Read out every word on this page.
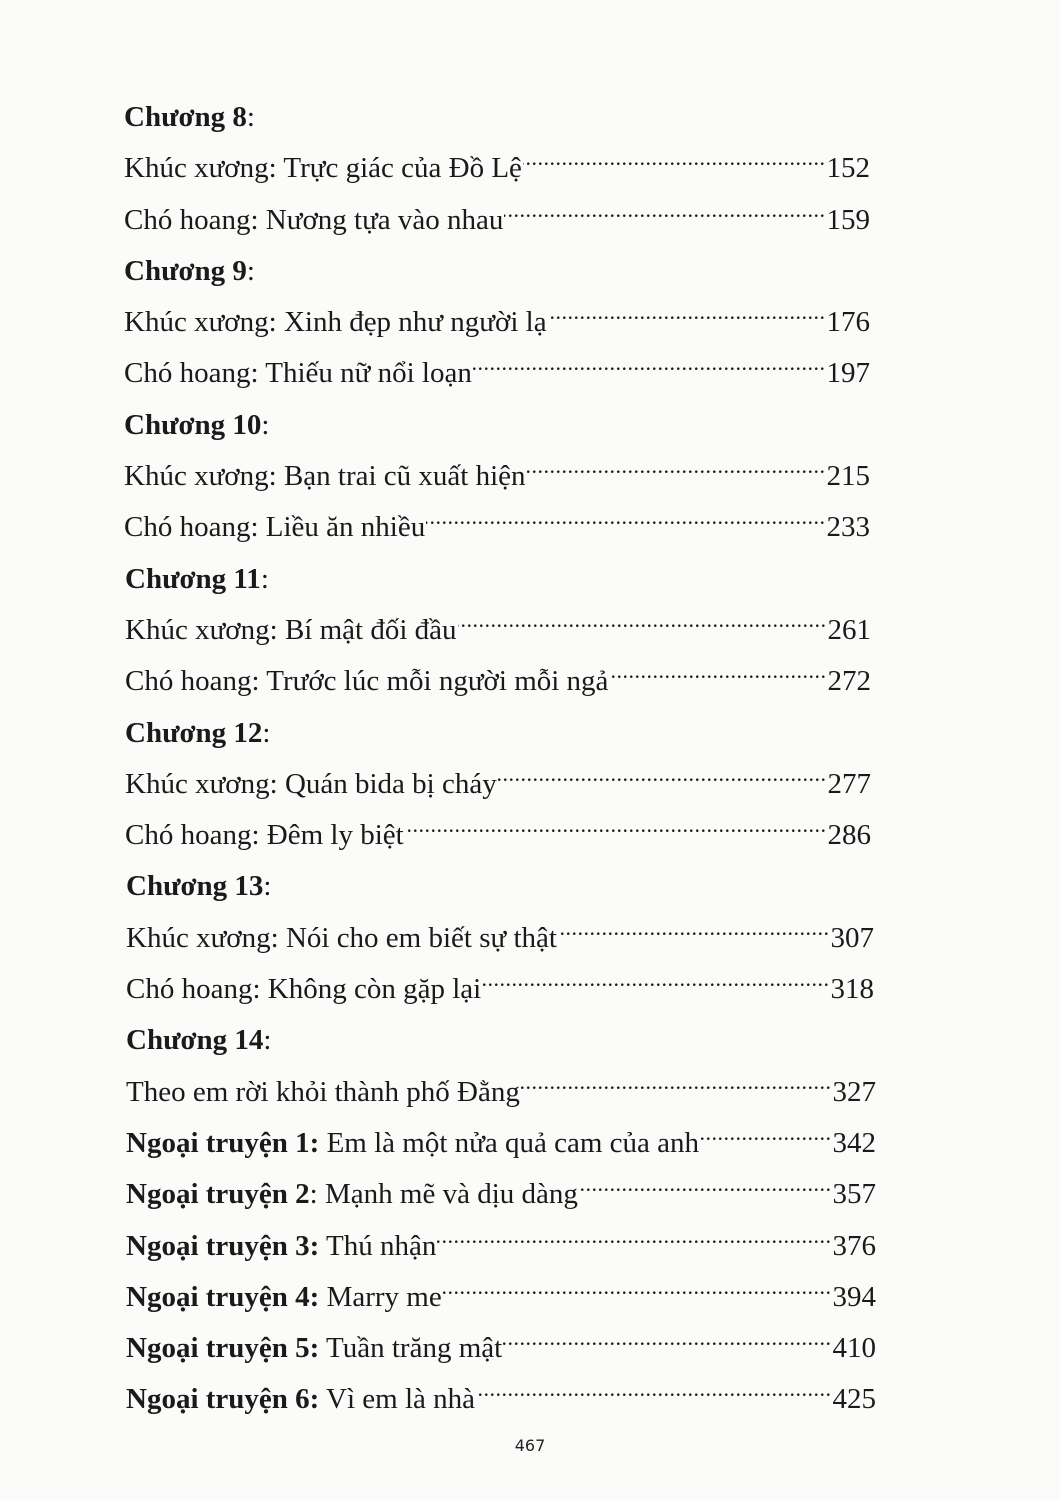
Chương 8 :
Khúc xương: Trực giác của Đồ Lệ .....	152
Chó hoang: Nương tựa vào nhau .....	159
Chương 9 :
Khúc xương: Xinh đẹp như người lạ .....	176
Chó hoang: Thiếu nữ nổi loạn .....	197
Chương 10 :
Khúc xương: Bạn trai cũ xuất hiện .....	215
Chó hoang: Liều ăn nhiều .....	233
Chương 11 :
Khúc xương: Bí mật đối đầu .....	261
Chó hoang: Trước lúc mỗi người mỗi ngả .....	272
Chương 12 :
Khúc xương: Quán bida bị cháy .....	277
Chó hoang: Đêm ly biệt .....	286
Chương 13 :
Khúc xương: Nói cho em biết sự thật .....	307
Chó hoang: Không còn gặp lại .....	318
Chương 14 :
Theo em rời khỏi thành phố Đằng .....	327
Ngoại truyện 1: Em là một nửa quả cam của anh .....	342
Ngoại truyện 2: Mạnh mẽ và dịu dàng .....	357
Ngoại truyện 3: Thú nhận .....	376
Ngoại truyện 4: Marry me .....	394
Ngoại truyện 5: Tuần trăng mật .....	410
Ngoại truyện 6: Vì em là nhà .....	425
467
